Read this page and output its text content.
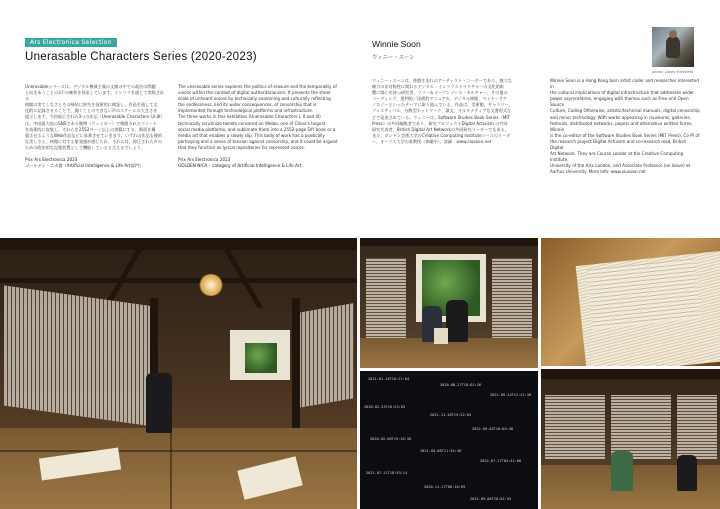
Ars Electronica Selection
Unerasable Characters Series (2020-2023)

Unerasableシリーズは、デジタル権威主義の文脈の中での政治の問題

と向きあうことの3不の権利を探求しています。インフラを通じて実践される

検閲の実てしなさとその帰結に紛失を技術的に検証し、作品を通して文

化的に記録させることで、聞くことのできない声のスケールの大きさを

提示します。今回展示された3つの作品（Unerasable Characters I,II,III）

は、中国最大級のSNSである微博（ウェイボー）で検閲されたツイート

を技術的に収集し、それらを2552ページ以上の書籍にする、紙面を構

築させるようなWeb作品などに昇華させていきます。いずれの作品も静的

な美しさと、検閲に対する緊張感が感じられ、それらは、抑圧された声の

ための政治的な記憶装置として機能していると言えるでしょう。

Prix Ars Electronica 2023
ゴールデン・ニカ賞（Artificial Intelligence & Life Art部門）

The unerasable series explores the politics of erasure and the temporality of

voices within the context of digital authoritarianism. It presents the sheer

scale of unheard voices by technically examining and culturally reflecting

the endlessness, and its wider consequences, of censorship that is

implemented through technological platforms and infrastructure.

The three works in this exhibition (Unerasable Characters I, II and III)

technically scrutinize tweets censored on Weibo, one of China's largest

social media platforms, and sublimate them into a 2552-page DIY book or a

media art that enables a slowly slip. This body of work has a poetically

portraying and a sense of tension against censorship, and it could be argued

that they function as lyrical repositories for repressed voices.

Prix Ars Electronica 2023
GOLDEN NICA – category of Artificial Intelligence & Life Art
Winnie Soon
ウィニー・スーン
photo: Casey Hamfield

ウィニー・スーンは、香港生まれのアーティスト・コーダーであり、強大な

権力の非対称性に関わるデジタル・インフラストラクチャーの文化的影

響に関心を持つ研究者。フリー＆オープンソース・カルチャー、その他の

コーディング、批判的／技術的マニュアル、デジタル検閲、マイナーテク

ノロジーといったテーマに取り組んでいる。作品は、美術館、ギャラリー、

フェスティバル、分散型ネットワーク、論文、オルタナティブな文書形式な

どで発表されている。ウィニーは、Software Studies Book Series（MIT

Press）の共同編集者であり、研究プロジェクトDigital Activism の共同

研究代表者、British Digital Art Networkの共同研究リーダーでもある。

また、ロンドン芸術大学のCreative Computing Instituteコースのリーダ

ー、オーフス大学の准教授（休職中）。詳細：www.siusoon.net

Winnie Soon is a Hong Kong born artist coder and researcher interested in

the cultural implications of digital infrastructure that addresses wider

power asymmetries, engaging with themes such as Free and Open Source

Culture, Coding Otherwise, artistic/technical manuals, digital censorship

and minor technology. With works appearing in museums, galleries,

festivals, distributed networks, papers and alternative written forms. Winnie

is the co-editor of the Software Studies Book Series (MIT Press), Co-PI of

the research project Digital Activism and co-research lead, British Digital

Art Network. They are Course Leader at the Creative Computing Institute,

University of the Arts London, and Associate Professor (on leave) at

Aarhus University. More Info: www.siusoon.net

2021-01-16T10:21:04
2020-08-27T18:01:26
2021-09-24T12:41:38
2020-02-23T16:23:03
2021-11-16T15:22:05
2022-09-04T10:04:48
2020-02-08T19:16:38
2021-04-08T21:34:46
2022-07-17T05:41:08
2021-07-11T18:53:14
2020-11-17T08:10:09
2022-09-06T20:01:55
